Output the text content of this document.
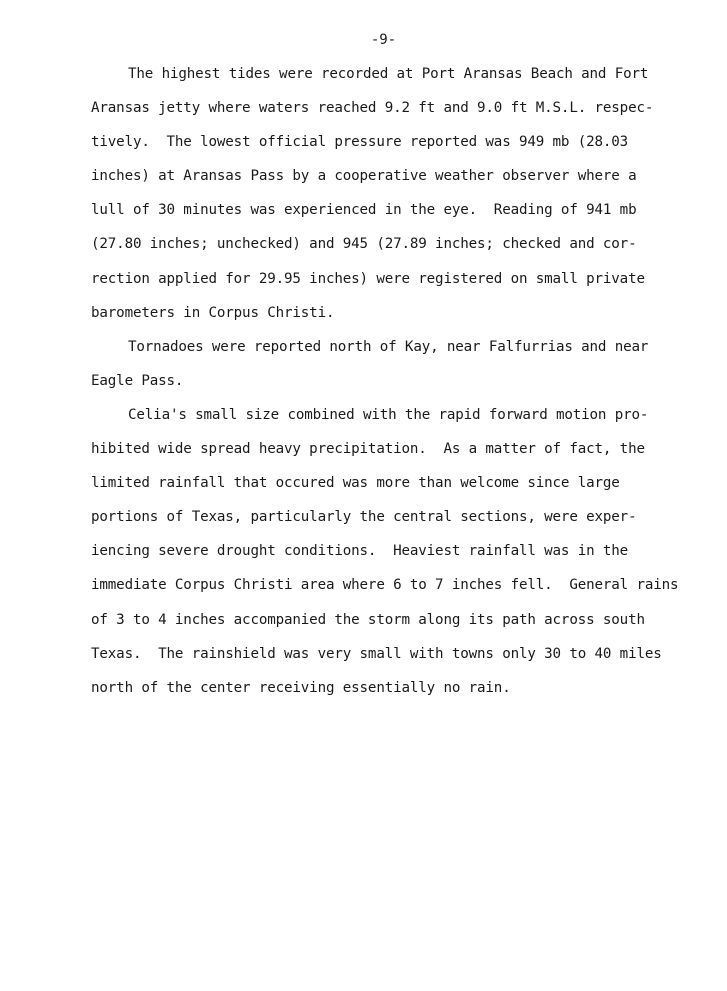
-9-
The highest tides were recorded at Port Aransas Beach and Fort
Aransas jetty where waters reached 9.2 ft and 9.0 ft M.S.L. respec-
tively.  The lowest official pressure reported was 949 mb (28.03
inches) at Aransas Pass by a cooperative weather observer where a
lull of 30 minutes was experienced in the eye.  Reading of 941 mb
(27.80 inches; unchecked) and 945 (27.89 inches; checked and cor-
rection applied for 29.95 inches) were registered on small private
barometers in Corpus Christi.
Tornadoes were reported north of Kay, near Falfurrias and near
Eagle Pass.
Celia's small size combined with the rapid forward motion pro-
hibited wide spread heavy precipitation.  As a matter of fact, the
limited rainfall that occured was more than welcome since large
portions of Texas, particularly the central sections, were exper-
iencing severe drought conditions.  Heaviest rainfall was in the
immediate Corpus Christi area where 6 to 7 inches fell.  General rains
of 3 to 4 inches accompanied the storm along its path across south
Texas.  The rainshield was very small with towns only 30 to 40 miles
north of the center receiving essentially no rain.
